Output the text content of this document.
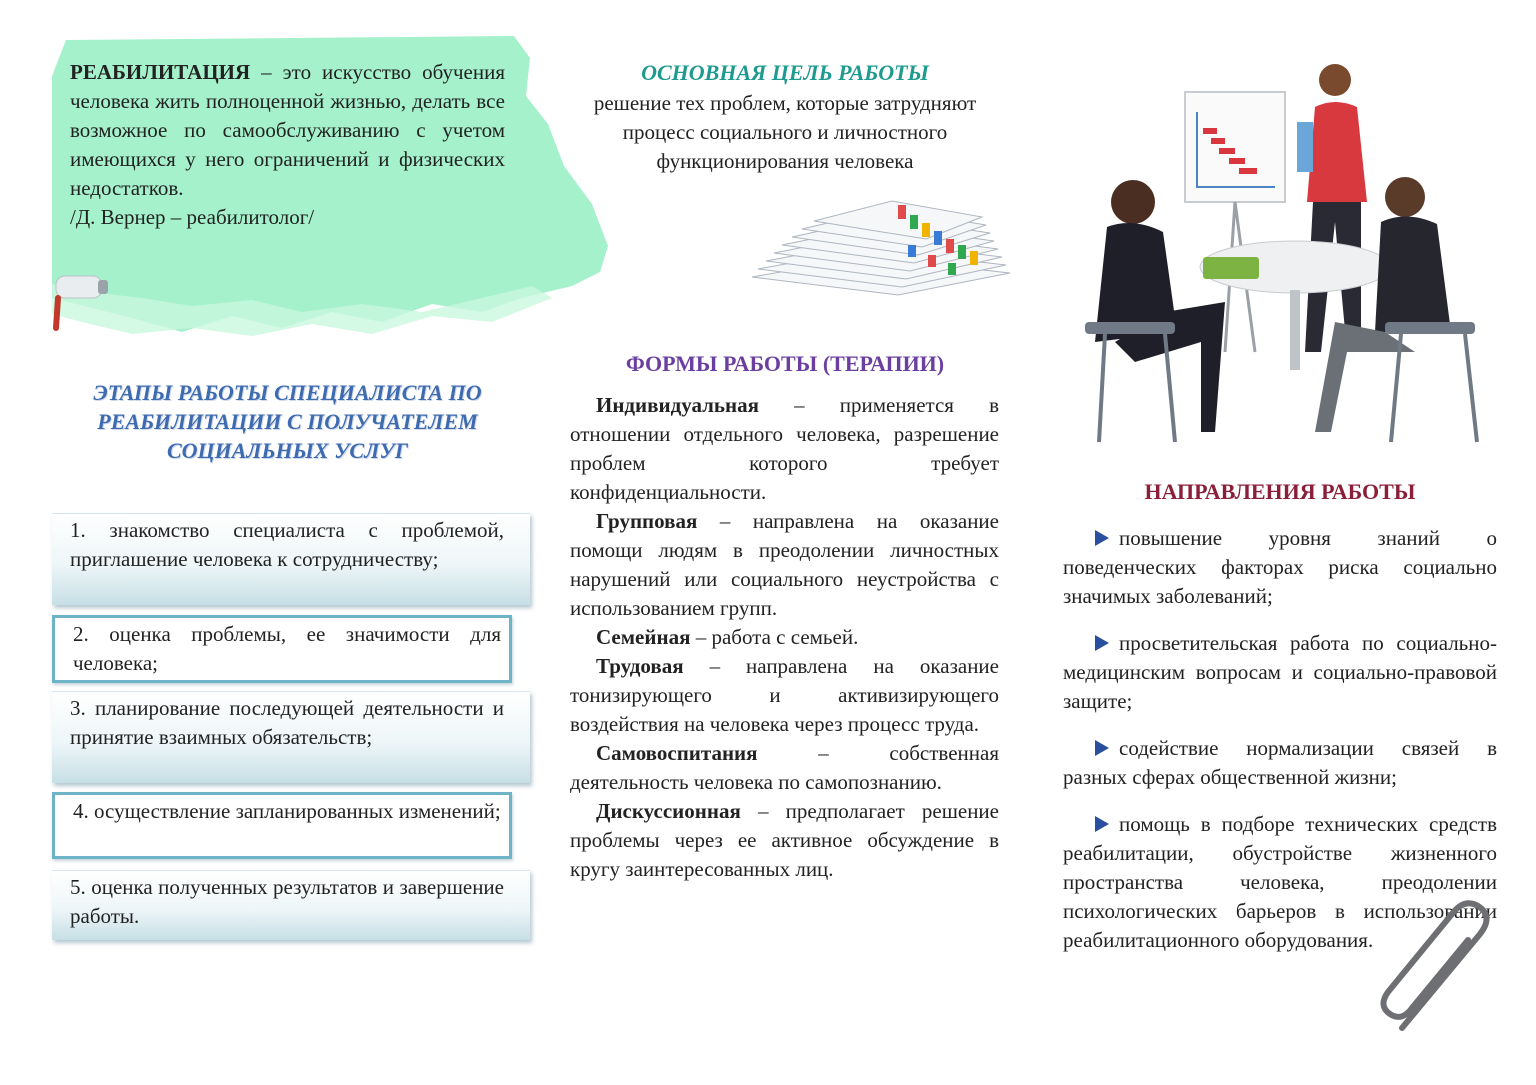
РЕАБИЛИТАЦИЯ – это искусство обучения человека жить полноценной жизнью, делать все возможное по самообслуживанию с учетом имеющихся у него ограничений и физических недостатков.
/Д. Вернер – реабилитолог/
ЭТАПЫ РАБОТЫ СПЕЦИАЛИСТА ПО РЕАБИЛИТАЦИИ С ПОЛУЧАТЕЛЕМ СОЦИАЛЬНЫХ УСЛУГ
1. знакомство специалиста с проблемой, приглашение человека к сотрудничеству;
2. оценка проблемы, ее значимости для человека;
3. планирование последующей деятельности и принятие взаимных обязательств;
4. осуществление запланированных изменений;
5. оценка полученных результатов и завершение работы.
ОСНОВНАЯ ЦЕЛЬ РАБОТЫ
решение тех проблем, которые затрудняют процесс социального и личностного функционирования человека
ФОРМЫ РАБОТЫ (ТЕРАПИИ)

Индивидуальная – применяется в отношении отдельного человека, разрешение проблем которого требует конфиденциальности.

Групповая – направлена на оказание помощи людям в преодолении личностных нарушений или социального неустройства с использованием групп.

Семейная – работа с семьей.

Трудовая – направлена на оказание тонизирующего и активизирующего воздействия на человека через процесс труда.

Самовоспитания – собственная деятельность человека по самопознанию.

Дискуссионная – предполагает решение проблемы через ее активное обсуждение в кругу заинтересованных лиц.

НАПРАВЛЕНИЯ РАБОТЫ

повышение уровня знаний о поведенческих факторах риска социально значимых заболеваний;

просветительская работа по социально-медицинским вопросам и социально-правовой защите;

содействие нормализации связей в разных сферах общественной жизни;

помощь в подборе технических средств реабилитации, обустройстве жизненного пространства человека, преодолении психологических барьеров в использовании реабилитационного оборудования.
